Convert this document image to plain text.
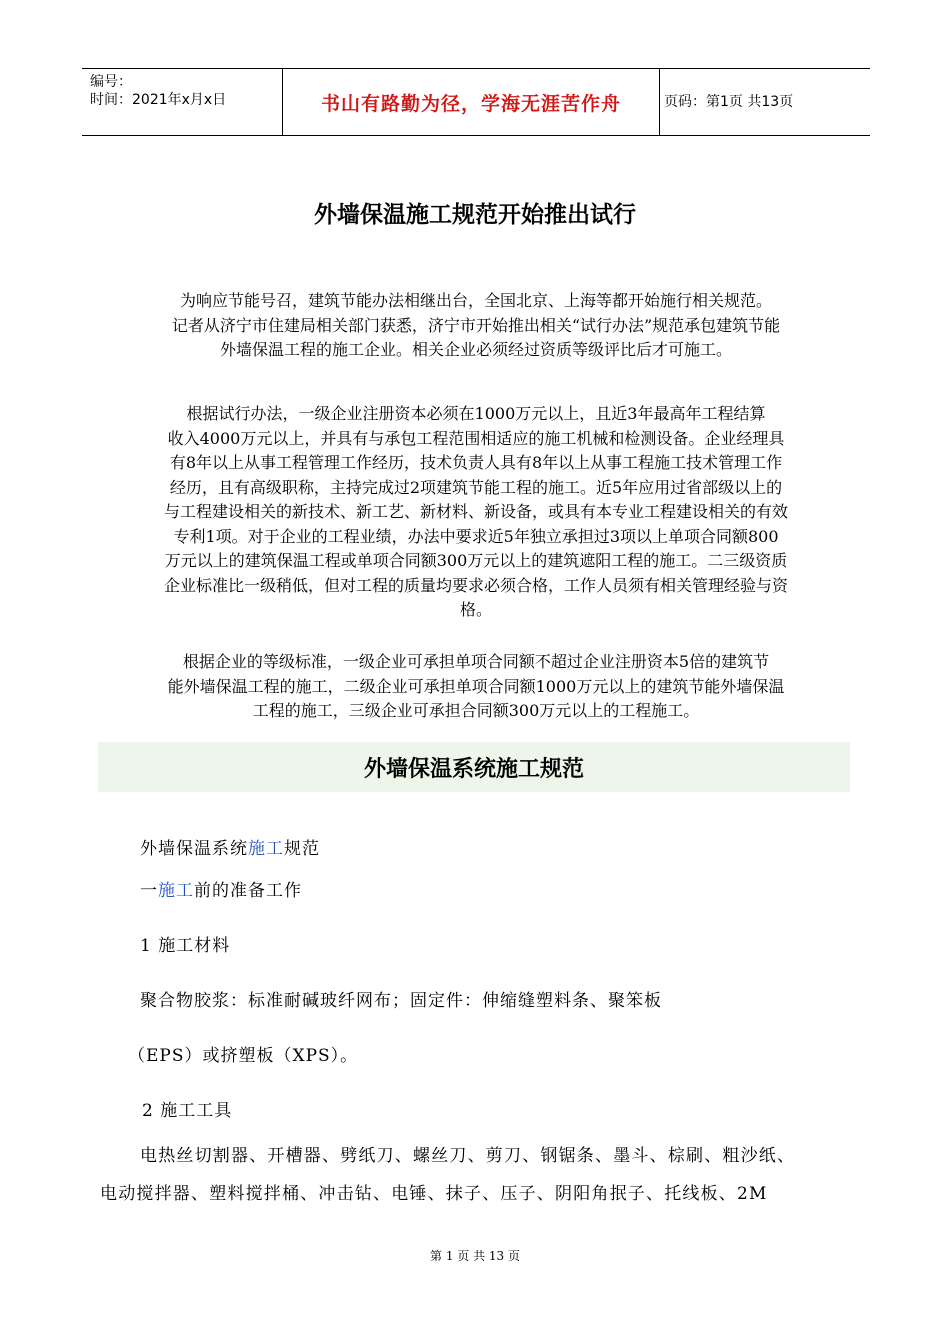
编号：
时间：2021年x月x日	书山有路勤为径，学海无涯苦作舟	页码：第1页 共13页
外墙保温施工规范开始推出试行
为响应节能号召，建筑节能办法相继出台，全国北京、上海等都开始施行相关规范。
记者从济宁市住建局相关部门获悉，济宁市开始推出相关“试行办法”规范承包建筑节能
外墙保温工程的施工企业。相关企业必须经过资质等级评比后才可施工。
根据试行办法，一级企业注册资本必须在1000万元以上，且近3年最高年工程结算
收入4000万元以上，并具有与承包工程范围相适应的施工机械和检测设备。企业经理具
有8年以上从事工程管理工作经历，技术负责人具有8年以上从事工程施工技术管理工作
经历，且有高级职称，主持完成过2项建筑节能工程的施工。近5年应用过省部级以上的
与工程建设相关的新技术、新工艺、新材料、新设备，或具有本专业工程建设相关的有效
专利1项。对于企业的工程业绩，办法中要求近5年独立承担过3项以上单项合同额800
万元以上的建筑保温工程或单项合同额300万元以上的建筑遮阳工程的施工。二三级资质
企业标准比一级稍低，但对工程的质量均要求必须合格，工作人员须有相关管理经验与资
格。
根据企业的等级标准，一级企业可承担单项合同额不超过企业注册资本5倍的建筑节
能外墙保温工程的施工，二级企业可承担单项合同额1000万元以上的建筑节能外墙保温
工程的施工，三级企业可承担合同额300万元以上的工程施工。
外墙保温系统施工规范
外墙保温系统施工规范
一施工前的准备工作
1 施工材料
聚合物胶浆：标准耐碱玻纤网布；固定件：伸缩缝塑料条、聚笨板
（EPS）或挤塑板（XPS）。
2 施工工具
电热丝切割器、开槽器、劈纸刀、螺丝刀、剪刀、钢锯条、墨斗、棕刷、粗沙纸、
电动搅拌器、塑料搅拌桶、冲击钻、电锤、抹子、压子、阴阳角抿子、托线板、2M
第 1 页 共 13 页
